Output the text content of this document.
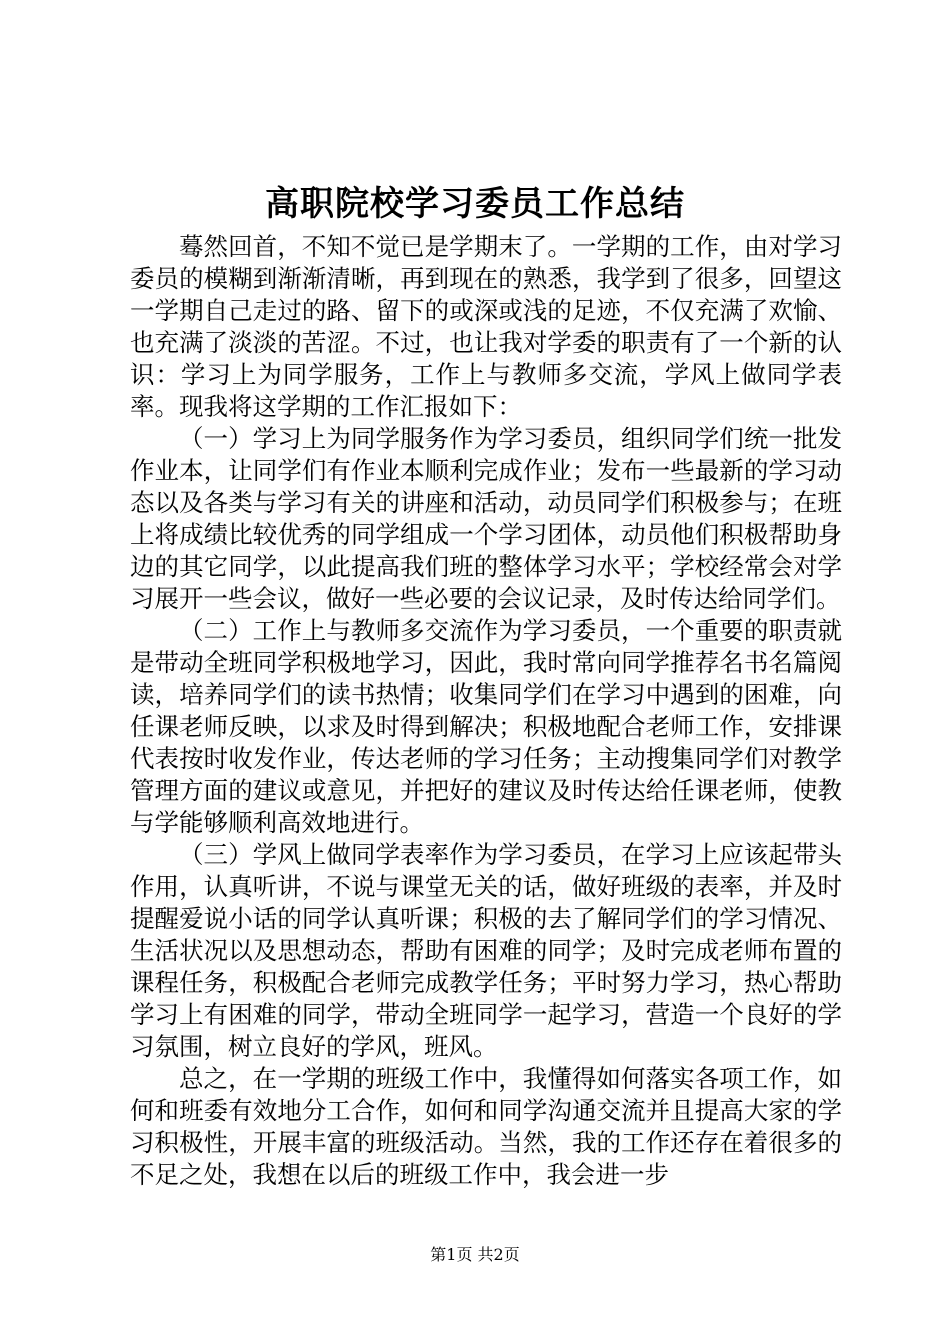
高职院校学习委员工作总结

蓦然回首，不知不觉已是学期末了。一学期的工作，由对学习委员的模糊到渐渐清晰，再到现在的熟悉，我学到了很多，回望这一学期自己走过的路、留下的或深或浅的足迹，不仅充满了欢愉、也充满了淡淡的苦涩。不过，也让我对学委的职责有了一个新的认识：学习上为同学服务，工作上与教师多交流，学风上做同学表率。现我将这学期的工作汇报如下：

（一）学习上为同学服务作为学习委员，组织同学们统一批发作业本，让同学们有作业本顺利完成作业；发布一些最新的学习动态以及各类与学习有关的讲座和活动，动员同学们积极参与；在班上将成绩比较优秀的同学组成一个学习团体，动员他们积极帮助身边的其它同学，以此提高我们班的整体学习水平；学校经常会对学习展开一些会议，做好一些必要的会议记录，及时传达给同学们。

（二）工作上与教师多交流作为学习委员，一个重要的职责就是带动全班同学积极地学习，因此，我时常向同学推荐名书名篇阅读，培养同学们的读书热情；收集同学们在学习中遇到的困难，向任课老师反映，以求及时得到解决；积极地配合老师工作，安排课代表按时收发作业，传达老师的学习任务；主动搜集同学们对教学管理方面的建议或意见，并把好的建议及时传达给任课老师，使教与学能够顺利高效地进行。

（三）学风上做同学表率作为学习委员，在学习上应该起带头作用，认真听讲，不说与课堂无关的话，做好班级的表率，并及时提醒爱说小话的同学认真听课；积极的去了解同学们的学习情况、生活状况以及思想动态，帮助有困难的同学；及时完成老师布置的课程任务，积极配合老师完成教学任务；平时努力学习，热心帮助学习上有困难的同学，带动全班同学一起学习，营造一个良好的学习氛围，树立良好的学风，班风。

总之，在一学期的班级工作中，我懂得如何落实各项工作，如何和班委有效地分工合作，如何和同学沟通交流并且提高大家的学习积极性，开展丰富的班级活动。当然，我的工作还存在着很多的不足之处，我想在以后的班级工作中，我会进一步

第1页 共2页
